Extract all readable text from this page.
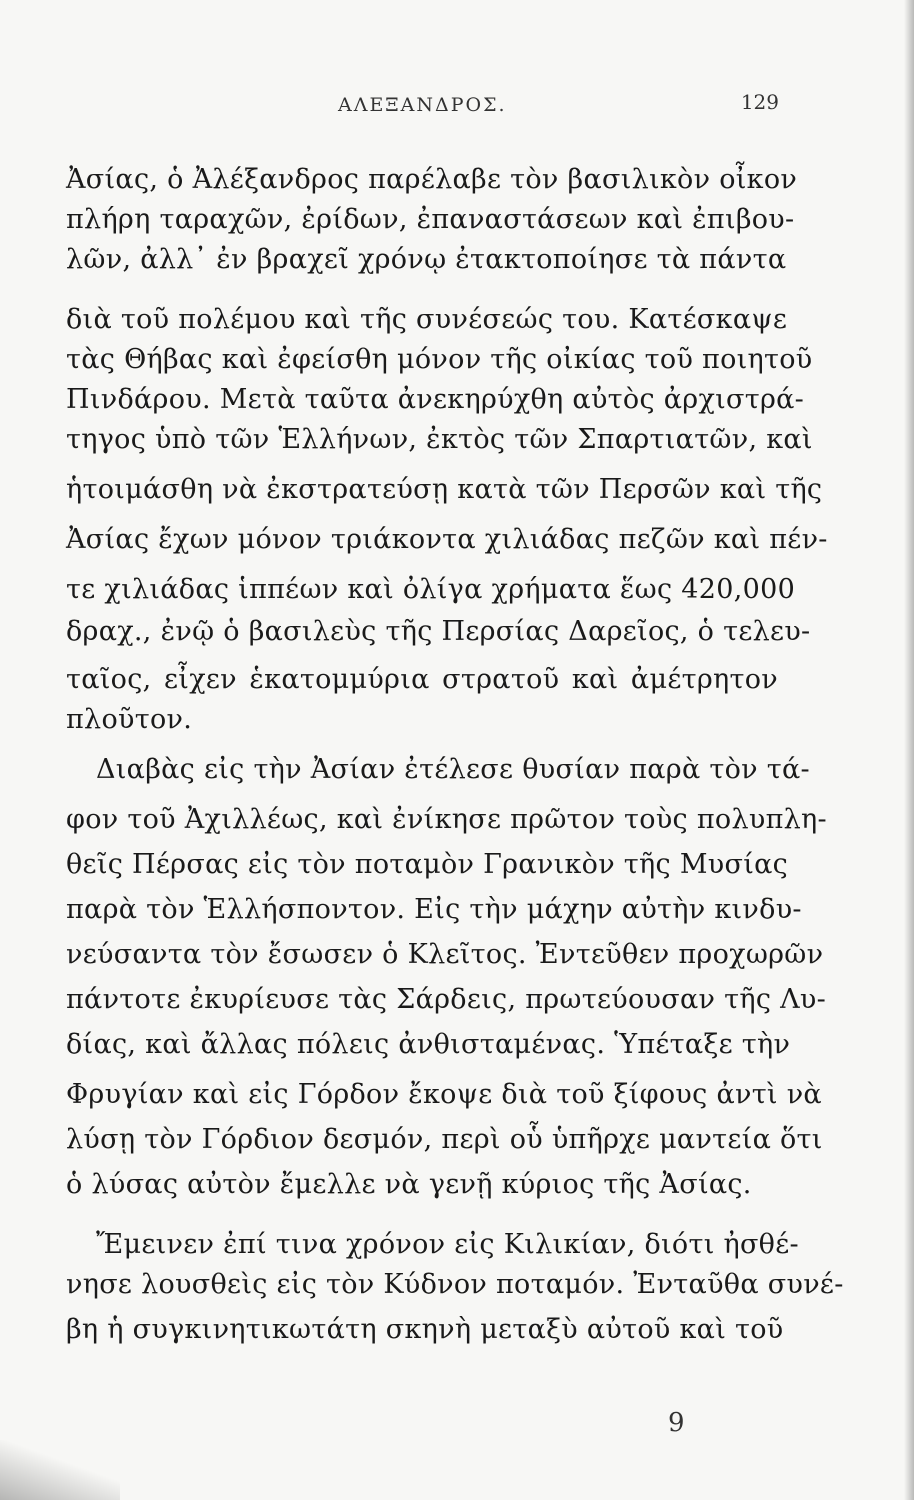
ΑΛΕΞΑΝΔΡΟΣ.	129
Ἀσίας, ὁ Ἀλέξανδρος παρέλαβε τὸν βασιλικὸν οἶκον
πλήρη ταραχῶν, ἐρίδων, ἐπαναστάσεων καὶ ἐπιβου-
λῶν, ἀλλ᾽ ἐν βραχεῖ χρόνῳ ἐτακτοποίησε τὰ πάντα
διὰ τοῦ πολέμου καὶ τῆς συνέσεώς του. Κατέσκαψε
τὰς Θήβας καὶ ἐφείσθη μόνον τῆς οἰκίας τοῦ ποιητοῦ
Πινδάρου. Μετὰ ταῦτα ἀνεκηρύχθη αὐτὸς ἀρχιστρά-
τηγος ὑπὸ τῶν Ἑλλήνων, ἐκτὸς τῶν Σπαρτιατῶν, καὶ
ἡτοιμάσθη νὰ ἐκστρατεύσῃ κατὰ τῶν Περσῶν καὶ τῆς
Ἀσίας ἔχων μόνον τριάκοντα χιλιάδας πεζῶν καὶ πέν-
τε χιλιάδας ἱππέων καὶ ὀλίγα χρήματα ἕως 420,000
δραχ., ἐνῷ ὁ βασιλεὺς τῆς Περσίας Δαρεῖος, ὁ τελευ-
ταῖος, εἶχεν ἑκατομμύρια στρατοῦ καὶ ἀμέτρητον
πλοῦτον.
Διαβὰς εἰς τὴν Ἀσίαν ἐτέλεσε θυσίαν παρὰ τὸν τά-
φον τοῦ Ἀχιλλέως, καὶ ἐνίκησε πρῶτον τοὺς πολυπλη-
θεῖς Πέρσας εἰς τὸν ποταμὸν Γρανικὸν τῆς Μυσίας
παρὰ τὸν Ἑλλήσποντον. Εἰς τὴν μάχην αὐτὴν κινδυ-
νεύσαντα τὸν ἔσωσεν ὁ Κλεῖτος. Ἐντεῦθεν προχωρῶν
πάντοτε ἐκυρίευσε τὰς Σάρδεις, πρωτεύουσαν τῆς Λυ-
δίας, καὶ ἄλλας πόλεις ἀνθισταμένας. Ὑπέταξε τὴν
Φρυγίαν καὶ εἰς Γόρδον ἔκοψε διὰ τοῦ ξίφους ἀντὶ νὰ
λύσῃ τὸν Γόρδιον δεσμόν, περὶ οὗ ὑπῆρχε μαντεία ὅτι
ὁ λύσας αὐτὸν ἔμελλε νὰ γενῇ κύριος τῆς Ἀσίας.
Ἔμεινεν ἐπί τινα χρόνον εἰς Κιλικίαν, διότι ἠσθέ-
νησε λουσθεὶς εἰς τὸν Κύδνον ποταμόν. Ἐνταῦθα συνέ-
βη ἡ συγκινητικωτάτη σκηνὴ μεταξὺ αὐτοῦ καὶ τοῦ
9
